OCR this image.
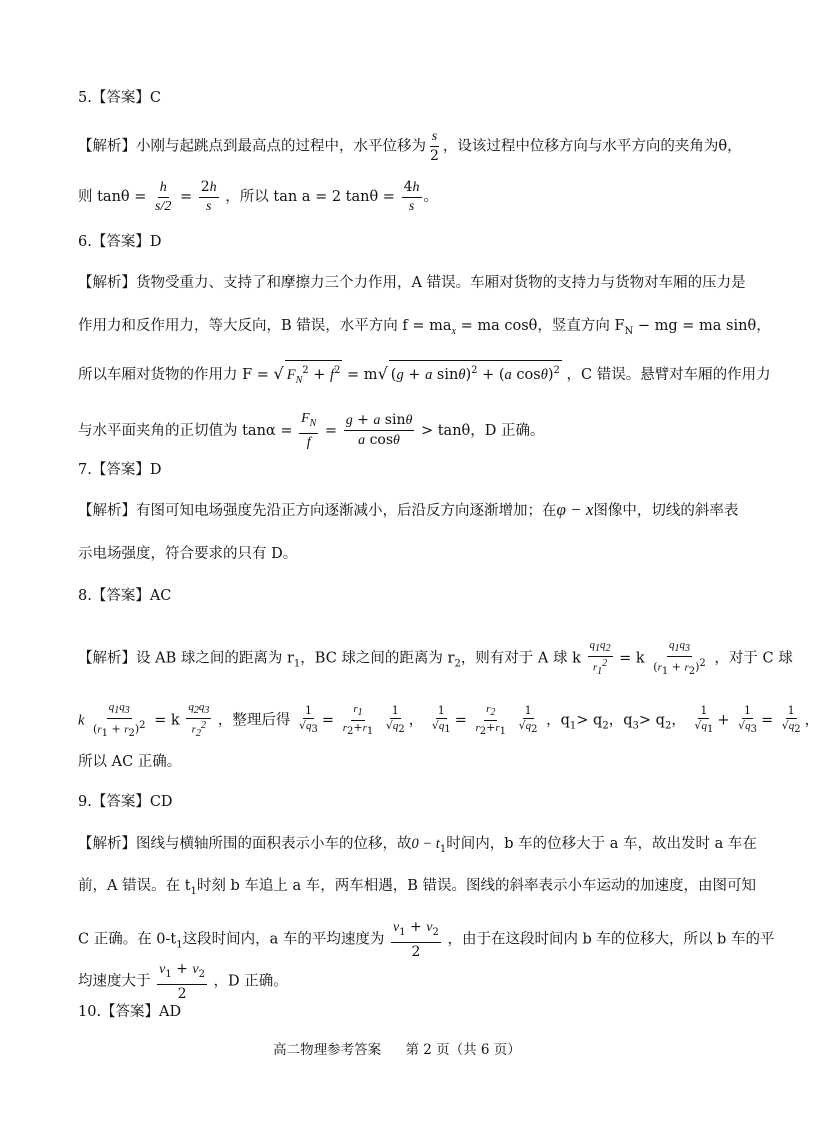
5.【答案】C
【解析】小刚与起跳点到最高点的过程中，水平位移为 $\frac{s}{2}$ ，设该过程中位移方向与水平方向的夹角为θ，
则 $\tan\theta = \frac{h}{s/2} = \frac{2h}{s}$ ，所以 tan a = 2 $\tan\theta = \frac{4h}{s}$ 。
6.【答案】D
【解析】货物受重力、支持了和摩擦力三个力作用，A 错误。车厢对货物的支持力与货物对车厢的压力是
作用力和反作用力，等大反向，B 错误，水平方向 $f = ma_x$ = ma cosθ，竖直方向 $F_N$ − mg = ma sinθ，
所以车厢对货物的作用力 F = √ $F_N^2 + f^2 = m√$ (g + a sinθ)$^2$ + (a cosθ)$^2$ ，C 错误。悬臂对车厢的作用力
与水平面夹角的正切值为 $\tan\alpha = \frac{F_N}{f} = \frac{\text{g + a sinθ}}{\text{a cosθ}} > \tan\theta$，D 正确。
7.【答案】D
【解析】有图可知电场强度先沿正方向逐渐减小，后沿反方向逐渐增加；在φ − x图像中，切线的斜率表
示电场强度，符合要求的只有 D。
8.【答案】AC
【解析】设 AB 球之间的距离为 $r_1$，BC 球之间的距离为 $r_2$，则有对于 A 球 k $\frac{q_1q_2}{r_1^2} = k \frac{q_1q_3}{(r_1 + r_2)^2}$ ，对于 C 球
k $\frac{q_1q_3}{(r_1 + r_2)^2} = k \frac{q_2q_3}{r_2^2}$ ，整理后得 $\frac{1}{√q_3} = \frac{r_1}{r_2+r_1}$
$\frac{1}{√q_2}$ ， $\frac{1}{√q_1} = \frac{r_2}{r_2+r_1}$
$\frac{1}{√q_2}$ ，$q_1> q_2$，$q_3> q_2$， $\frac{1}{√q_1} + \frac{1}{√q_3} = \frac{1}{√q_2}$ ，
所以 AC 正确。
9.【答案】CD
【解析】图线与横轴所围的面积表示小车的位移，故$0 - t_1$时间内，b 车的位移大于 a 车，故出发时 a 车在
前，A 错误。在 $t_1$时刻 b 车追上 a 车，两车相遇，B 错误。图线的斜率表示小车运动的加速度，由图可知
C 正确。在 $0-t_1$这段时间内，a 车的平均速度为 $\frac{v_1 + v_2}{2}$ ，由于在这段时间内 b 车的位移大，所以 b 车的平
均速度大于 $\frac{v_1 + v_2}{2}$ ，D 正确。
10.【答案】AD
高二物理参考答案 第 2 页（共 6 页）
